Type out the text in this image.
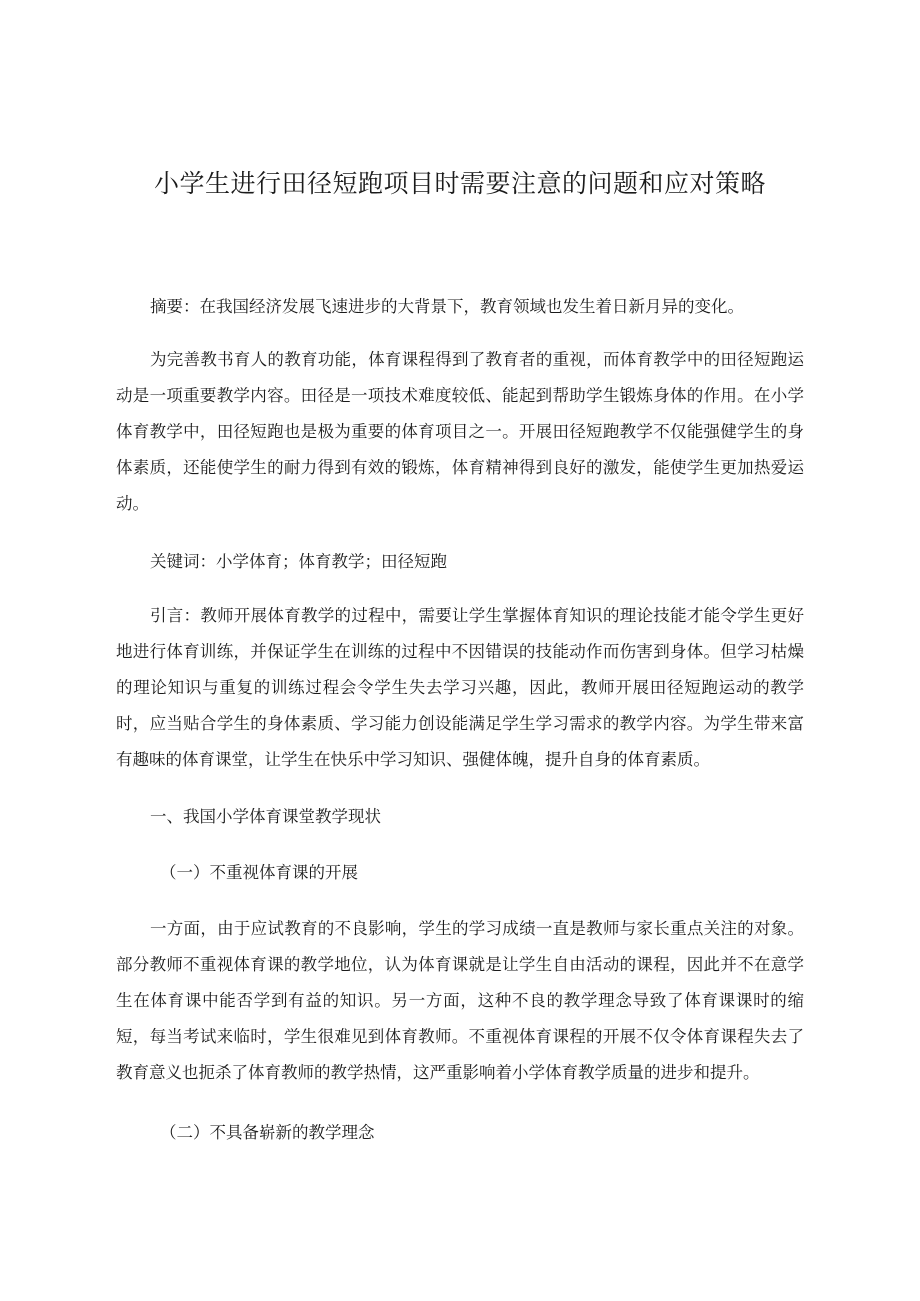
小学生进行田径短跑项目时需要注意的问题和应对策略

摘要：在我国经济发展飞速进步的大背景下，教育领域也发生着日新月异的变化。

为完善教书育人的教育功能，体育课程得到了教育者的重视，而体育教学中的田径短跑运动是一项重要教学内容。田径是一项技术难度较低、能起到帮助学生锻炼身体的作用。在小学体育教学中，田径短跑也是极为重要的体育项目之一。开展田径短跑教学不仅能强健学生的身体素质，还能使学生的耐力得到有效的锻炼，体育精神得到良好的激发，能使学生更加热爱运动。

关键词：小学体育；体育教学；田径短跑

引言：教师开展体育教学的过程中，需要让学生掌握体育知识的理论技能才能令学生更好地进行体育训练，并保证学生在训练的过程中不因错误的技能动作而伤害到身体。但学习枯燥的理论知识与重复的训练过程会令学生失去学习兴趣，因此，教师开展田径短跑运动的教学时，应当贴合学生的身体素质、学习能力创设能满足学生学习需求的教学内容。为学生带来富有趣味的体育课堂，让学生在快乐中学习知识、强健体魄，提升自身的体育素质。

一、我国小学体育课堂教学现状
（一）不重视体育课的开展

一方面，由于应试教育的不良影响，学生的学习成绩一直是教师与家长重点关注的对象。部分教师不重视体育课的教学地位，认为体育课就是让学生自由活动的课程，因此并不在意学生在体育课中能否学到有益的知识。另一方面，这种不良的教学理念导致了体育课课时的缩短，每当考试来临时，学生很难见到体育教师。不重视体育课程的开展不仅令体育课程失去了教育意义也扼杀了体育教师的教学热情，这严重影响着小学体育教学质量的进步和提升。

（二）不具备崭新的教学理念
